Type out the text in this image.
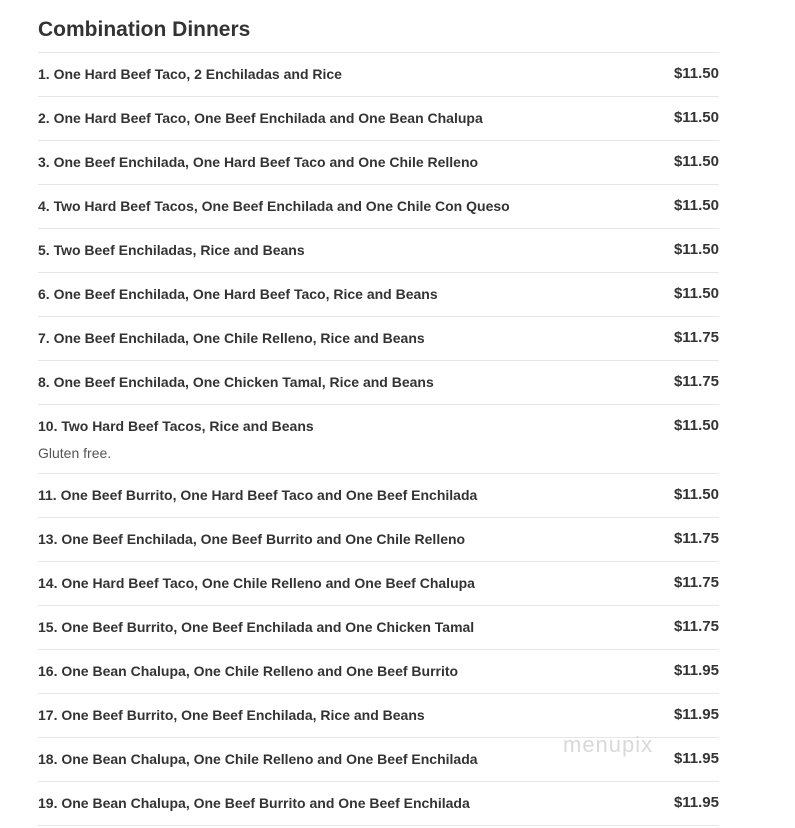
Combination Dinners
1. One Hard Beef Taco, 2 Enchiladas and Rice	$11.50
2. One Hard Beef Taco, One Beef Enchilada and One Bean Chalupa	$11.50
3. One Beef Enchilada, One Hard Beef Taco and One Chile Relleno	$11.50
4. Two Hard Beef Tacos, One Beef Enchilada and One Chile Con Queso	$11.50
5. Two Beef Enchiladas, Rice and Beans	$11.50
6. One Beef Enchilada, One Hard Beef Taco, Rice and Beans	$11.50
7. One Beef Enchilada, One Chile Relleno, Rice and Beans	$11.75
8. One Beef Enchilada, One Chicken Tamal, Rice and Beans	$11.75
10. Two Hard Beef Tacos, Rice and Beans	$11.50
Gluten free.
11. One Beef Burrito, One Hard Beef Taco and One Beef Enchilada	$11.50
13. One Beef Enchilada, One Beef Burrito and One Chile Relleno	$11.75
14. One Hard Beef Taco, One Chile Relleno and One Beef Chalupa	$11.75
15. One Beef Burrito, One Beef Enchilada and One Chicken Tamal	$11.75
16. One Bean Chalupa, One Chile Relleno and One Beef Burrito	$11.95
17. One Beef Burrito, One Beef Enchilada, Rice and Beans	$11.95
18. One Bean Chalupa, One Chile Relleno and One Beef Enchilada	$11.95
19. One Bean Chalupa, One Beef Burrito and One Beef Enchilada	$11.95
menupix
